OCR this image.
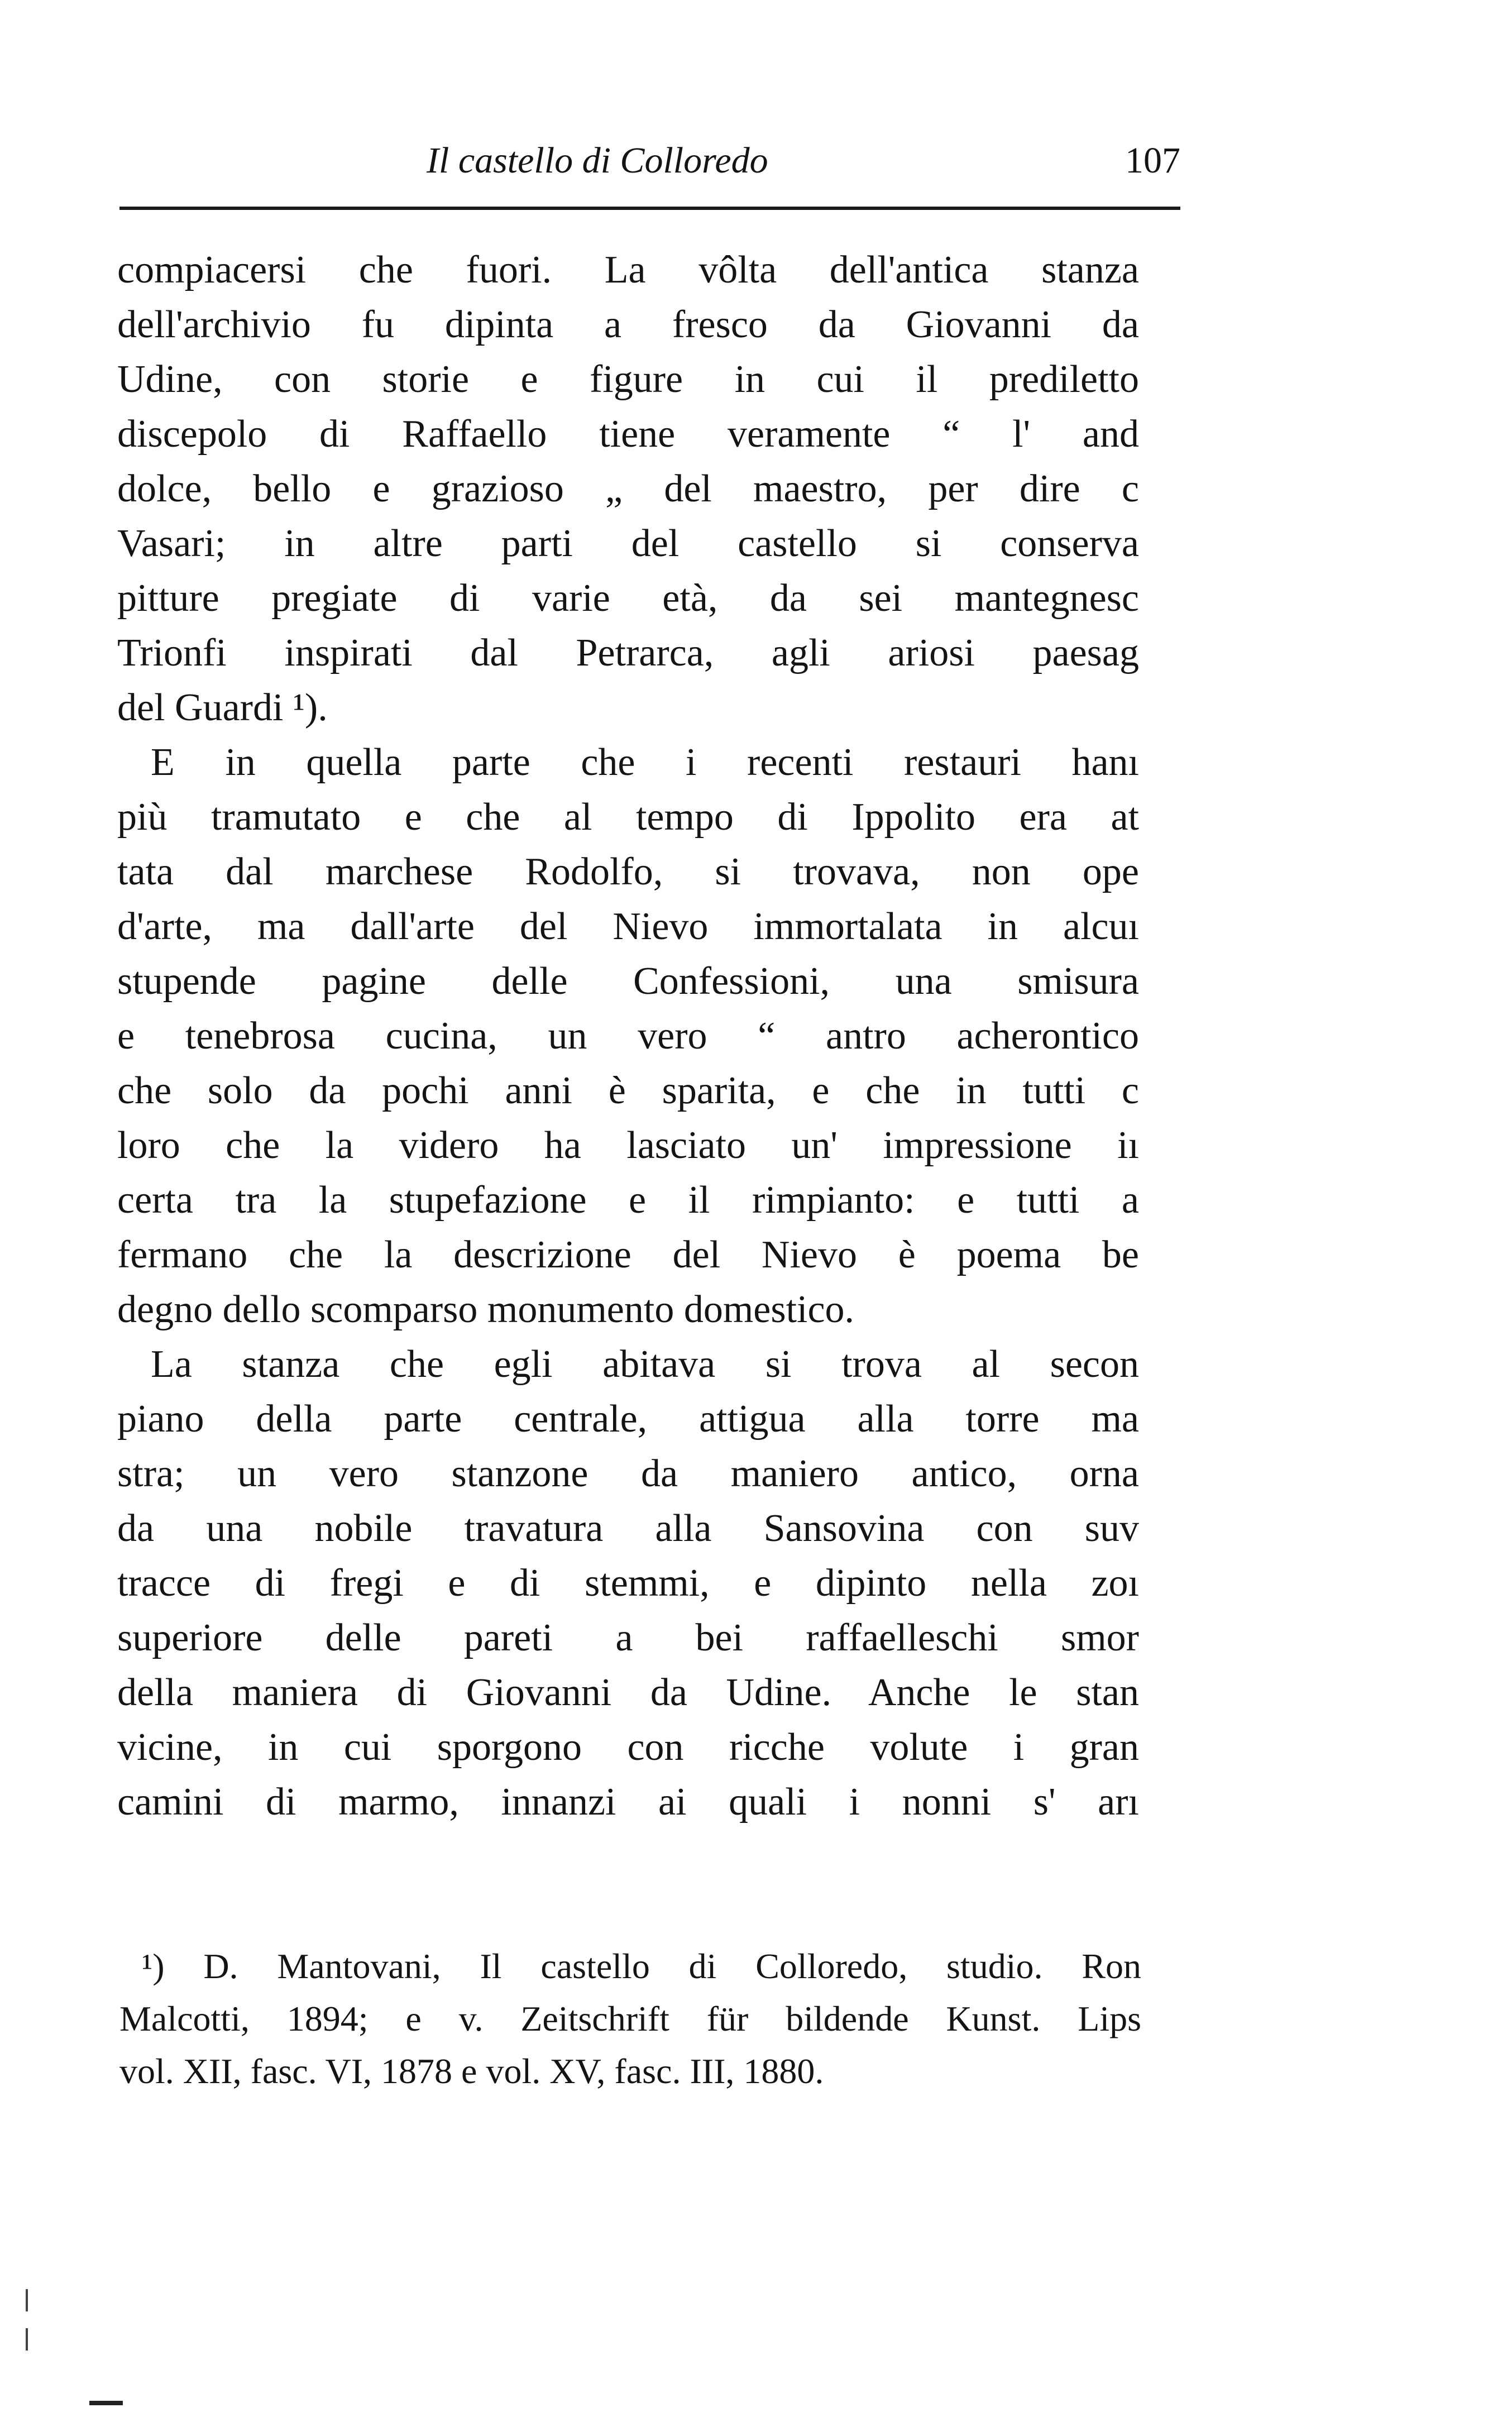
Il castello di Colloredo	107
compiacersi che fuori. La vôlta dell'antica stanza
dell'archivio fu dipinta a fresco da Giovanni da
Udine, con storie e figure in cui il prediletto
discepolo di Raffaello tiene veramente “ l' and
dolce, bello e grazioso „ del maestro, per dire c
Vasari; in altre parti del castello si conserva
pitture pregiate di varie età, da sei mantegnesc
Trionfi inspirati dal Petrarca, agli ariosi paesag
del Guardi ¹).
E in quella parte che i recenti restauri hanı
più tramutato e che al tempo di Ippolito era at
tata dal marchese Rodolfo, si trovava, non ope
d'arte, ma dall'arte del Nievo immortalata in alcuı
stupende pagine delle Confessioni, una smisura
e tenebrosa cucina, un vero “ antro acherontico
che solo da pochi anni è sparita, e che in tutti c
loro che la videro ha lasciato un' impressione iı
certa tra la stupefazione e il rimpianto: e tutti a
fermano che la descrizione del Nievo è poema be
degno dello scomparso monumento domestico.
La stanza che egli abitava si trova al secon
piano della parte centrale, attigua alla torre ma
stra; un vero stanzone da maniero antico, orna
da una nobile travatura alla Sansovina con suv
tracce di fregi e di stemmi, e dipinto nella zoı
superiore delle pareti a bei raffaelleschi smor
della maniera di Giovanni da Udine. Anche le stan
vicine, in cui sporgono con ricche volute i gran
camini di marmo, innanzi ai quali i nonni s' arı
¹) D. Mantovani, Il castello di Colloredo, studio. Ron
Malcotti, 1894; e v. Zeitschrift für bildende Kunst. Lips
vol. XII, fasc. VI, 1878 e vol. XV, fasc. III, 1880.
